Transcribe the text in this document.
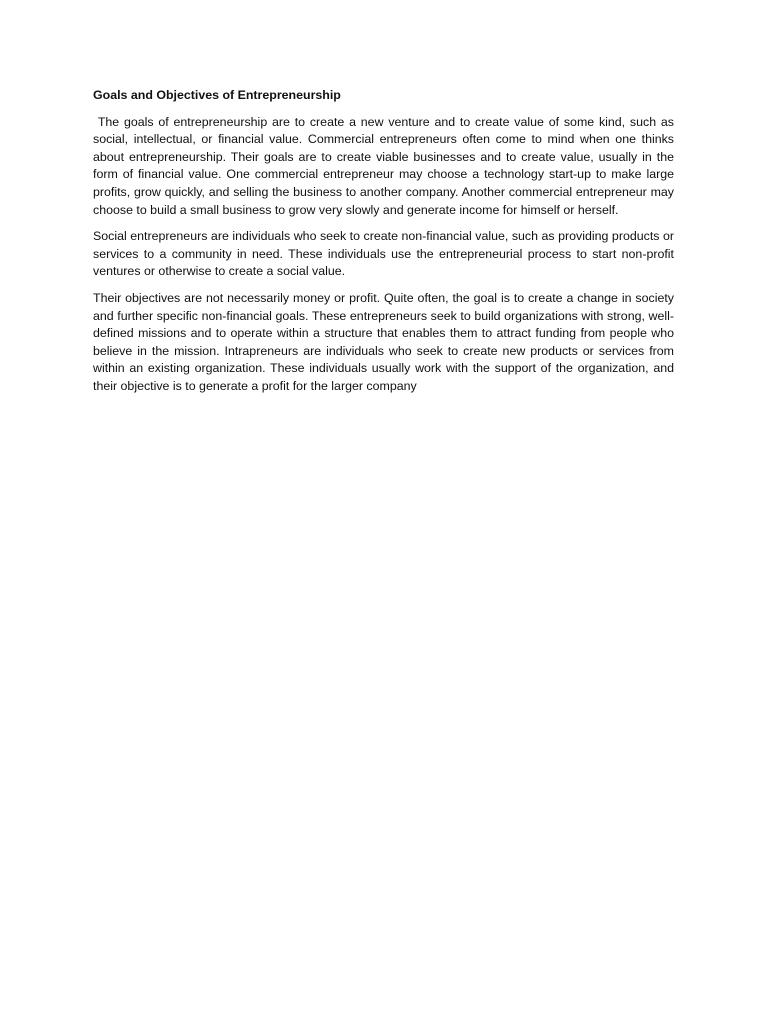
Goals and Objectives of Entrepreneurship

The goals of entrepreneurship are to create a new venture and to create value of some kind, such as social, intellectual, or financial value. Commercial entrepreneurs often come to mind when one thinks about entrepreneurship. Their goals are to create viable businesses and to create value, usually in the form of financial value. One commercial entrepreneur may choose a technology start-up to make large profits, grow quickly, and selling the business to another company. Another commercial entrepreneur may choose to build a small business to grow very slowly and generate income for himself or herself.

Social entrepreneurs are individuals who seek to create non-financial value, such as providing products or services to a community in need. These individuals use the entrepreneurial process to start non-profit ventures or otherwise to create a social value.

Their objectives are not necessarily money or profit. Quite often, the goal is to create a change in society and further specific non-financial goals. These entrepreneurs seek to build organizations with strong, well-defined missions and to operate within a structure that enables them to attract funding from people who believe in the mission. Intrapreneurs are individuals who seek to create new products or services from within an existing organization. These individuals usually work with the support of the organization, and their objective is to generate a profit for the larger company
